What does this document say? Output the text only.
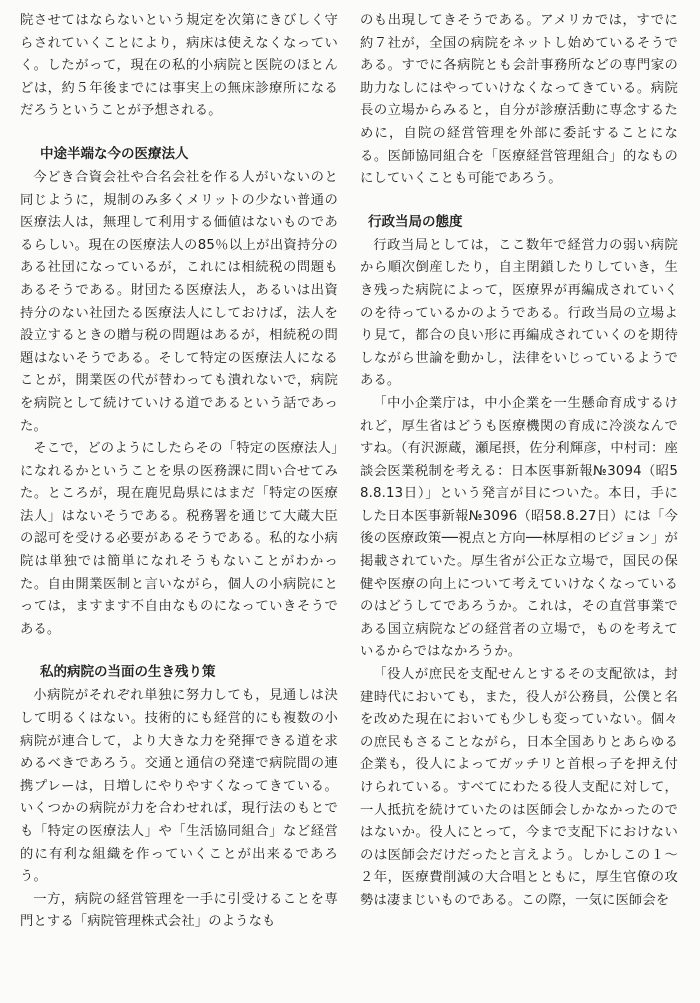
院させてはならないという規定を次第にきびしく守らされていくことにより，病床は使えなくなっていく。したがって，現在の私的小病院と医院のほとんどは，約５年後までには事実上の無床診療所になるだろうということが予想される。

中途半端な今の医療法人

今どき合資会社や合名会社を作る人がいないのと同じように，規制のみ多くメリットの少ない普通の医療法人は，無理して利用する価値はないものであるらしい。現在の医療法人の85％以上が出資持分のある社団になっているが，これには相続税の問題もあるそうである。財団たる医療法人，あるいは出資持分のない社団たる医療法人にしておけば，法人を設立するときの贈与税の問題はあるが，相続税の問題はないそうである。そして特定の医療法人になることが，開業医の代が替わっても潰れないで，病院を病院として続けていける道であるという話であった。

そこで，どのようにしたらその「特定の医療法人」になれるかということを県の医務課に問い合せてみた。ところが，現在鹿児島県にはまだ「特定の医療法人」はないそうである。税務署を通じて大蔵大臣の認可を受ける必要があるそうである。私的な小病院は単独では簡単になれそうもないことがわかった。自由開業医制と言いながら，個人の小病院にとっては，ますます不自由なものになっていきそうである。

私的病院の当面の生き残り策

小病院がそれぞれ単独に努力しても，見通しは決して明るくはない。技術的にも経営的にも複数の小病院が連合して，より大きな力を発揮できる道を求めるべきであろう。交通と通信の発達で病院間の連携プレーは，日増しにやりやすくなってきている。いくつかの病院が力を合わせれば，現行法のもとでも「特定の医療法人」や「生活協同組合」など経営的に有利な組織を作っていくことが出来るであろう。

一方，病院の経営管理を一手に引受けることを専門とする「病院管理株式会社」のようなも

のも出現してきそうである。アメリカでは，すでに約７社が，全国の病院をネットし始めているそうである。すでに各病院とも会計事務所などの専門家の助力なしにはやっていけなくなってきている。病院長の立場からみると，自分が診療活動に専念するために，自院の経営管理を外部に委託することになる。医師協同組合を「医療経営管理組合」的なものにしていくことも可能であろう。

行政当局の態度

行政当局としては，ここ数年で経営力の弱い病院から順次倒産したり，自主閉鎖したりしていき，生き残った病院によって，医療界が再編成されていくのを待っているかのようである。行政当局の立場より見て，都合の良い形に再編成されていくのを期待しながら世論を動かし，法律をいじっているようである。

「中小企業庁は，中小企業を一生懸命育成するけれど，厚生省はどうも医療機関の育成に冷淡なんですね。（有沢源蔵，瀬尾摂，佐分利輝彦，中村司：座談会医業税制を考える：日本医事新報№3094（昭58.8.13日）」という発言が目についた。本日，手にした日本医事新報№3096（昭58.8.27日）には「今後の医療政策──視点と方向──林厚相のビジョン」が掲載されていた。厚生省が公正な立場で，国民の保健や医療の向上について考えていけなくなっているのはどうしてであろうか。これは，その直営事業である国立病院などの経営者の立場で，ものを考えているからではなかろうか。

「役人が庶民を支配せんとするその支配欲は，封建時代においても，また，役人が公務員，公僕と名を改めた現在においても少しも変っていない。個々の庶民もさることながら，日本全国ありとあらゆる企業も，役人によってガッチリと首根っ子を押え付けられている。すべてにわたる役人支配に対して，一人抵抗を続けていたのは医師会しかなかったのではないか。役人にとって，今まで支配下におけないのは医師会だけだったと言えよう。しかしこの１～２年，医療費削減の大合唱とともに，厚生官僚の攻勢は凄まじいものである。この際，一気に医師会を
